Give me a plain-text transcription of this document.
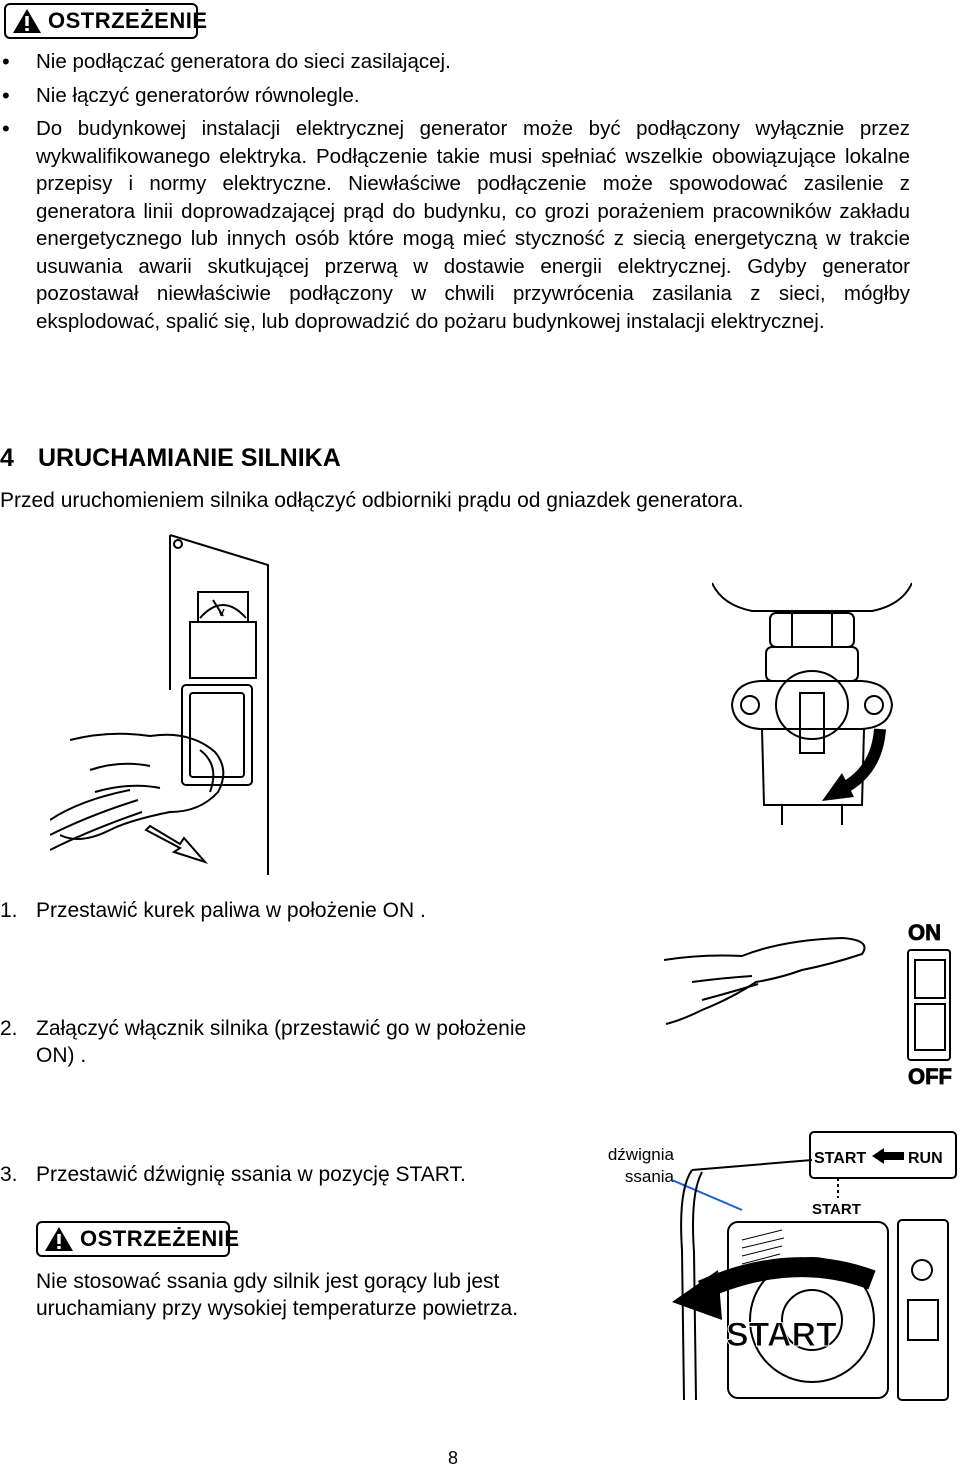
OSTRZEŻENIE
• Nie podłączać generatora do sieci zasilającej.
• Nie łączyć generatorów równolegle.
• Do budynkowej instalacji elektrycznej generator może być podłączony wyłącznie przez wykwalifikowanego elektryka. Podłączenie takie musi spełniać wszelkie obowiązujące lokalne przepisy i normy elektryczne. Niewłaściwe podłączenie może spowodować zasilenie z generatora linii doprowadzającej prąd do budynku, co grozi porażeniem pracowników zakładu energetycznego lub innych osób które mogą mieć styczność z siecią energetyczną w trakcie usuwania awarii skutkującej przerwą w dostawie energii elektrycznej. Gdyby generator pozostawał niewłaściwie podłączony w chwili przywrócenia zasilania z sieci, mógłby eksplodować, spalić się, lub doprowadzić do pożaru budynkowej instalacji elektrycznej.
4 URUCHAMIANIE SILNIKA
Przed uruchomieniem silnika odłączyć odbiorniki prądu od gniazdek generatora.
V
1. Przestawić kurek paliwa w położenie ON .
ON
OFF
2. Załączyć włącznik silnika (przestawić go w położenie
ON) .
3. Przestawić dźwignię ssania w pozycję START.
dźwignia
ssania
START	RUN
START
START
OSTRZEŻENIE
Nie stosować ssania gdy silnik jest gorący lub jest
uruchamiany przy wysokiej temperaturze powietrza.
8
